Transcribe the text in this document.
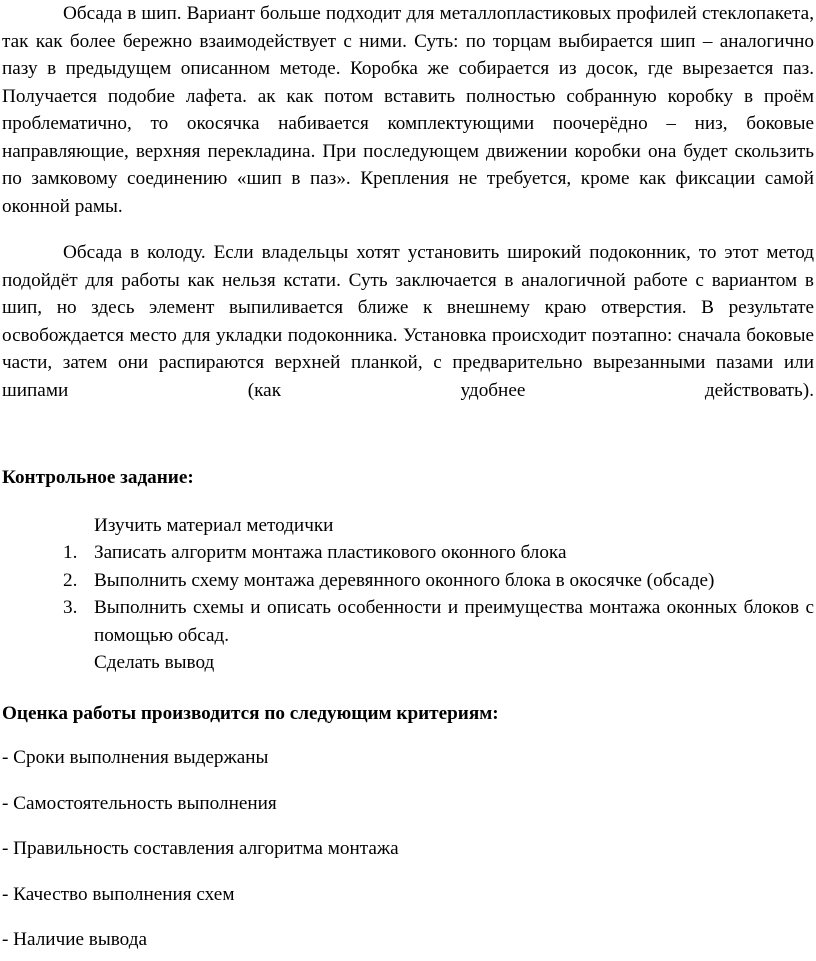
Обсада в шип. Вариант больше подходит для металлопластиковых профилей стеклопакета, так как более бережно взаимодействует с ними. Суть: по торцам выбирается шип – аналогично пазу в предыдущем описанном методе. Коробка же собирается из досок, где вырезается паз. Получается подобие лафета. ак как потом вставить полностью собранную коробку в проём проблематично, то окосячка набивается комплектующими поочерёдно – низ, боковые направляющие, верхняя перекладина. При последующем движении коробки она будет скользить по замковому соединению «шип в паз». Крепления не требуется, кроме как фиксации самой оконной рамы.

Обсада в колоду. Если владельцы хотят установить широкий подоконник, то этот метод подойдёт для работы как нельзя кстати. Суть заключается в аналогичной работе с вариантом в шип, но здесь элемент выпиливается ближе к внешнему краю отверстия. В результате освобождается место для укладки подоконника. Установка происходит поэтапно: сначала боковые части, затем они распираются верхней планкой, с предварительно вырезанными пазами или шипами (как удобнее действовать).

Контрольное задание:

Изучить материал методички
1. Записать алгоритм монтажа пластикового оконного блока
2. Выполнить схему монтажа деревянного оконного блока в окосячке (обсаде)
3. Выполнить схемы и описать особенности и преимущества монтажа оконных блоков с помощью обсад.
Сделать вывод

Оценка работы производится по следующим критериям:

- Сроки выполнения выдержаны
- Самостоятельность выполнения
- Правильность составления алгоритма монтажа
- Качество выполнения схем
- Наличие вывода
